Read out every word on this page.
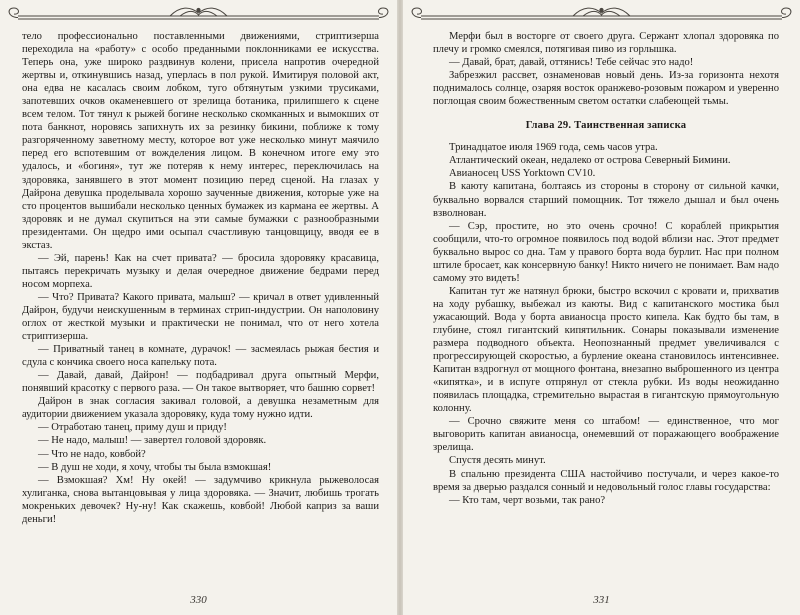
тело профессионально поставленными движениями, стриптизерша переходила на «работу» с особо преданными поклонниками ее искусства. Теперь она, уже широко раздвинув колени, присела напротив очередной жертвы и, откинувшись назад, уперлась в пол рукой. Имитируя половой акт, она едва не касалась своим лобком, туго обтянутым узкими трусиками, запотевших очков окаменевшего от зрелища ботаника, прилипшего к сцене всем телом. Тот тянул к рыжей богине несколько скомканных и вымокших от пота банкнот, норовясь запихнуть их за резинку бикини, поближе к тому разгоряченному заветному месту, которое вот уже несколько минут маячило перед его вспотевшим от вожделения лицом. В конечном итоге ему это удалось, и «богиня», тут же потеряв к нему интерес, переключилась на здоровяка, занявшего в этот момент позицию перед сценой. На глазах у Дайрона девушка проделывала хорошо заученные движения, которые уже на сто процентов вышибали несколько ценных бумажек из карманa ее жертвы. А здоровяк и не думал скупиться на эти самые бумажки с разнообразными президентами. Он щедро ими осыпал счастливую танцовщицу, вводя ее в экстаз.

— Эй, парень! Как на счет привата? — бросила здоровяку красавица, пытаясь перекричать музыку и делая очередное движение бедрами перед носом морпеха.

— Что? Привата? Какого привата, малыш? — кричал в ответ удивленный Дайрон, будучи неискушенным в терминах стрип-индустрии. Он наполовину оглох от жесткой музыки и практически не понимал, что от него хотела стриптизерша.

— Приватный танец в комнате, дурачок! — засмеялась рыжая бестия и сдула с кончика своего носа капельку пота.

— Давай, давай, Дайрон! — подбадривал друга опытный Мерфи, понявший красотку с первого раза. — Он такое вытворяет, что башню сорвет!

Дайрон в знак согласия закивал головой, а девушка незаметным для аудитории движением указала здоровяку, куда тому нужно идти.

— Отработаю танец, приму душ и приду!

— Не надо, малыш! — завертел головой здоровяк.

— Что не надо, ковбой?

— В душ не ходи, я хочу, чтобы ты была взмокшая!

— Взмокшая? Хм! Ну окей! — задумчиво крикнула рыжеволосая хулиганка, снова вытанцовывая у лица здоровяка. — Значит, любишь трогать мокреньких девочек? Ну-ну! Как скажешь, ковбой! Любой каприз за ваши деньги!

330

Мерфи был в восторге от своего друга. Сержант хлопал здоровяка по плечу и громко смеялся, потягивая пиво из горлышка.

— Давай, брат, давай, оттянись! Тебе сейчас это надо!

Забрезжил рассвет, ознаменовав новый день. Из-за горизонта нехотя поднималось солнце, озаряя восток оранжево-розовым пожаром и уверенно поглощая своим божественным светом остатки слабеющей тьмы.

Глава 29. Таинственная записка

Тринадцатое июля 1969 года, семь часов утра.

Атлантический океан, недалеко от острова Северный Бимини.

Авианосец USS Yorktown CV10.

В каюту капитана, болтаясь из стороны в сторону от сильной качки, буквально ворвался старший помощник. Тот тяжело дышал и был очень взволнован.

— Сэр, простите, но это очень срочно! С кораблей прикрытия сообщили, что-то огромное появилось под водой вблизи нас. Этот предмет буквально вырос со дна. Там у правого борта вода бурлит. Нас при полном штиле бросает, как консервную банку! Никто ничего не понимает. Вам надо самому это видеть!

Капитан тут же натянул брюки, быстро вскочил с кровати и, прихватив на ходу рубашку, выбежал из каюты. Вид с капитанского мостика был ужасающий. Вода у борта авианосца просто кипела. Как будто бы там, в глубине, стоял гигантский кипятильник. Сонары показывали изменение размера подводного объекта. Неопознанный предмет увеличивался с прогрессирующей скоростью, а бурление океана становилось интенсивнее. Капитан вздрогнул от мощного фонтана, внезапно выброшенного из центра «кипятка», и в испуге отпрянул от стекла рубки. Из воды неожиданно появилась площадка, стремительно вырастая в гигантскую прямоугольную колонну.

— Срочно свяжите меня со штабом! — единственное, что мог выговорить капитан авианосца, онемевший от поражающего воображение зрелища.

Спустя десять минут.

В спальню президента США настойчиво постучали, и через какое-то время за дверью раздался сонный и недовольный голос главы государства:

— Кто там, черт возьми, так рано?

331
